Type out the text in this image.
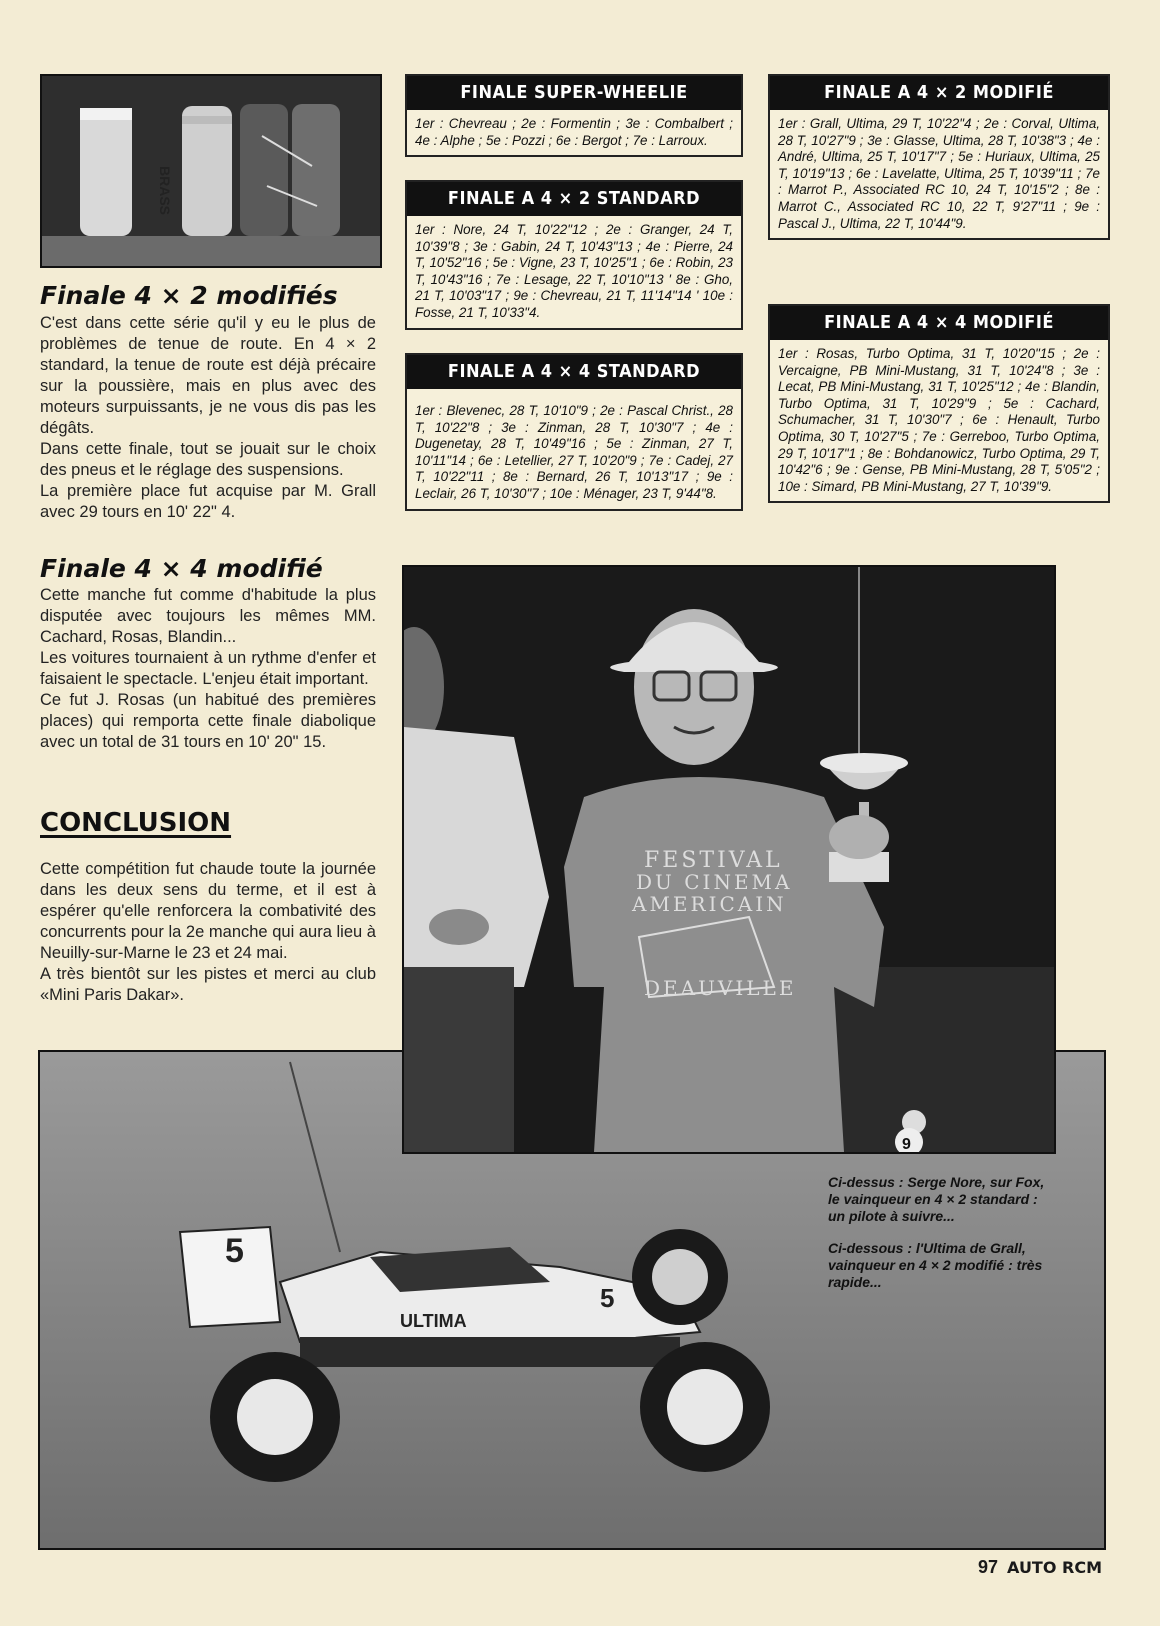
BRASS
Finale 4 × 2 modifiés
C'est dans cette série qu'il y eu le plus de problèmes de tenue de route. En 4 × 2 standard, la tenue de route est déjà précaire sur la poussière, mais en plus avec des moteurs surpuissants, je ne vous dis pas les dégâts.
Dans cette finale, tout se jouait sur le choix des pneus et le réglage des suspensions.
La première place fut acquise par M. Grall avec 29 tours en 10' 22" 4.
Finale 4 × 4 modifié
Cette manche fut comme d'habitude la plus disputée avec toujours les mêmes MM. Cachard, Rosas, Blandin...
Les voitures tournaient à un rythme d'enfer et faisaient le spectacle. L'enjeu était important.
Ce fut J. Rosas (un habitué des premières places) qui remporta cette finale diabolique avec un total de 31 tours en 10' 20" 15.
CONCLUSION
Cette compétition fut chaude toute la journée dans les deux sens du terme, et il est à espérer qu'elle renforcera la combativité des concurrents pour la 2e manche qui aura lieu à Neuilly-sur-Marne le 23 et 24 mai.
A très bientôt sur les pistes et merci au club «Mini Paris Dakar».
FINALE SUPER-WHEELIE
1er : Chevreau ; 2e : Formentin ; 3e : Combalbert ; 4e : Alphe ; 5e : Pozzi ; 6e : Bergot ; 7e : Larroux.
FINALE A 4 × 2 STANDARD
1er : Nore, 24 T, 10'22"12 ; 2e : Granger, 24 T, 10'39"8 ; 3e : Gabin, 24 T, 10'43"13 ; 4e : Pierre, 24 T, 10'52"16 ; 5e : Vigne, 23 T, 10'25"1 ; 6e : Robin, 23 T, 10'43"16 ; 7e : Lesage, 22 T, 10'10"13 ' 8e : Gho, 21 T, 10'03"17 ; 9e : Chevreau, 21 T, 11'14"14 ' 10e : Fosse, 21 T, 10'33"4.
FINALE A 4 × 4 STANDARD
1er : Blevenec, 28 T, 10'10"9 ; 2e : Pascal Christ., 28 T, 10'22"8 ; 3e : Zinman, 28 T, 10'30"7 ; 4e : Dugenetay, 28 T, 10'49"16 ; 5e : Zinman, 27 T, 10'11"14 ; 6e : Letellier, 27 T, 10'20"9 ; 7e : Cadej, 27 T, 10'22"11 ; 8e : Bernard, 26 T, 10'13"17 ; 9e : Leclair, 26 T, 10'30"7 ; 10e : Ménager, 23 T, 9'44"8.
FINALE A 4 × 2 MODIFIÉ
1er : Grall, Ultima, 29 T, 10'22"4 ; 2e : Corval, Ultima, 28 T, 10'27"9 ; 3e : Glasse, Ultima, 28 T, 10'38"3 ; 4e : André, Ultima, 25 T, 10'17"7 ; 5e : Huriaux, Ultima, 25 T, 10'19"13 ; 6e : Lavelatte, Ultima, 25 T, 10'39"11 ; 7e : Marrot P., Associated RC 10, 24 T, 10'15"2 ; 8e : Marrot C., Associated RC 10, 22 T, 9'27"11 ; 9e : Pascal J., Ultima, 22 T, 10'44"9.
FINALE A 4 × 4 MODIFIÉ
1er : Rosas, Turbo Optima, 31 T, 10'20"15 ; 2e : Vercaigne, PB Mini-Mustang, 31 T, 10'24"8 ; 3e : Lecat, PB Mini-Mustang, 31 T, 10'25"12 ; 4e : Blandin, Turbo Optima, 31 T, 10'29"9 ; 5e : Cachard, Schumacher, 31 T, 10'30"7 ; 6e : Henault, Turbo Optima, 30 T, 10'27"5 ; 7e : Gerreboo, Turbo Optima, 29 T, 10'17"1 ; 8e : Bohdanowicz, Turbo Optima, 29 T, 10'42"6 ; 9e : Gense, PB Mini-Mustang, 28 T, 5'05"2 ; 10e : Simard, PB Mini-Mustang, 27 T, 10'39"9.
5
5
ULTIMA
Ci-dessus : Serge Nore, sur Fox, le vainqueur en 4 × 2 standard : un pilote à suivre...
Ci-dessous : l'Ultima de Grall, vainqueur en 4 × 2 modifié : très rapide...
FESTIVAL
DU CINEMA
AMERICAIN
DEAUVILLE
9
97 AUTO RCM
